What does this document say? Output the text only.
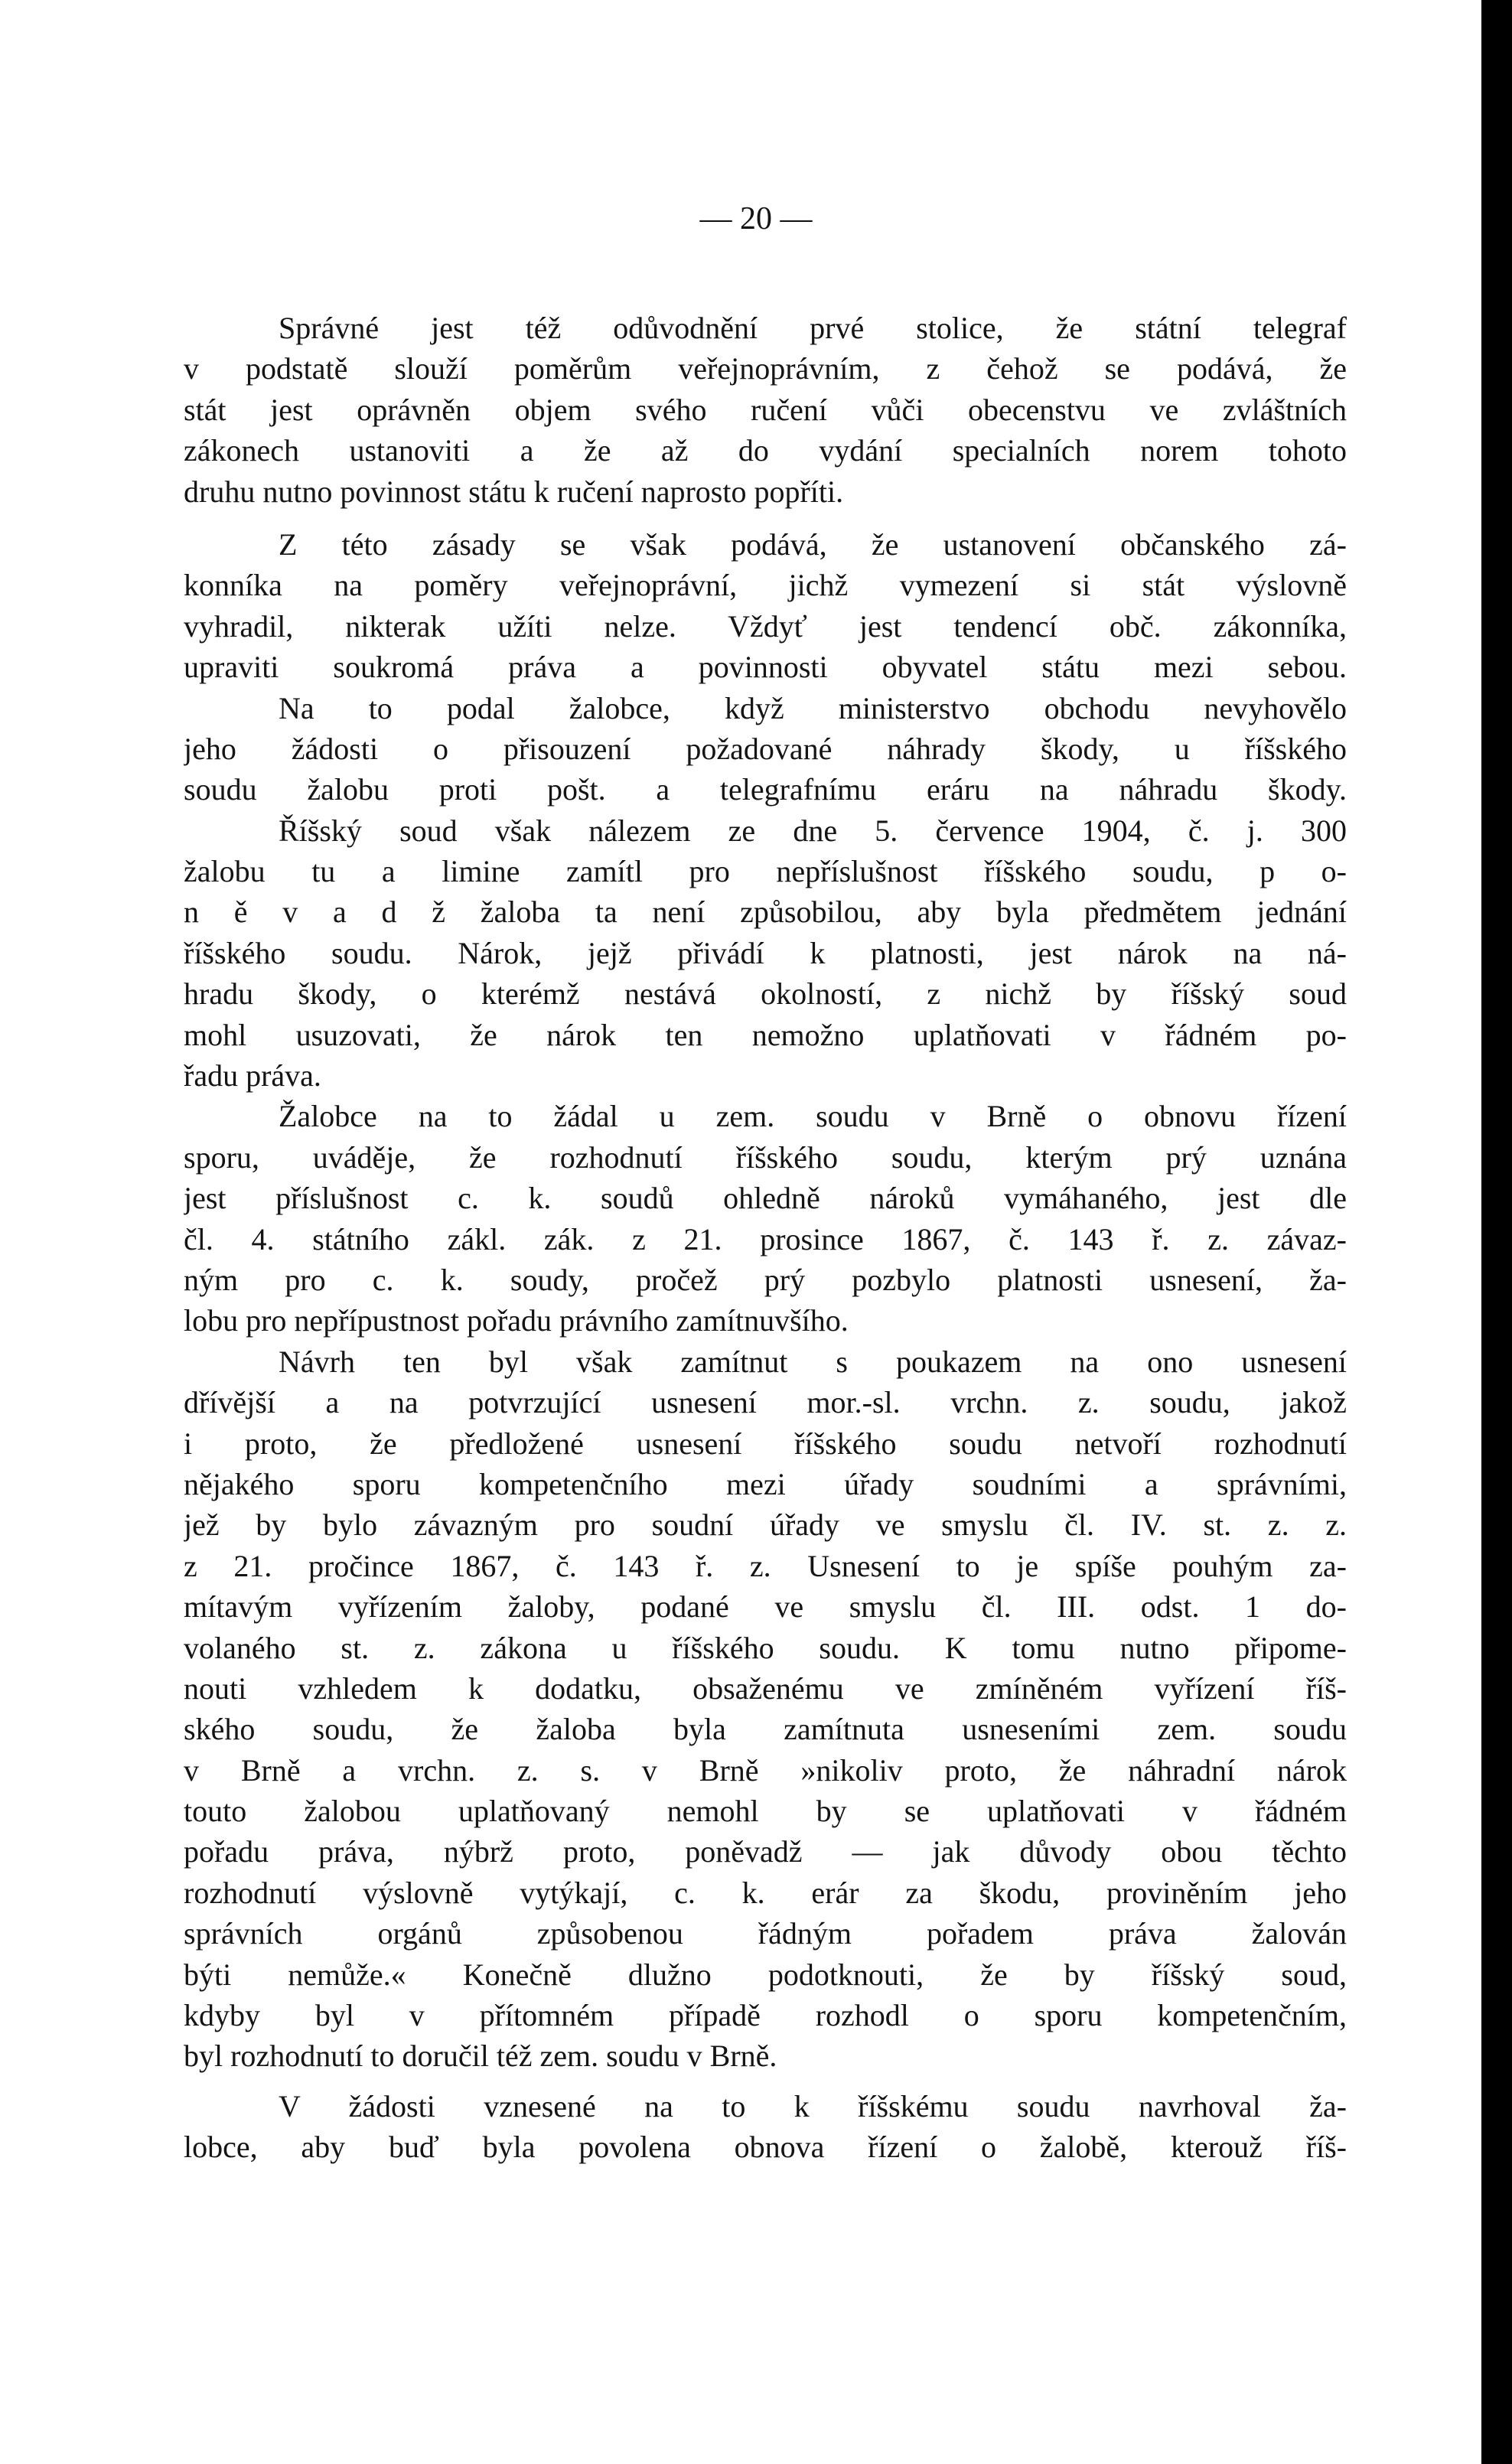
— 20 —
Správné jest též odůvodnění prvé stolice, že státní telegraf
v podstatě slouží poměrům veřejnoprávním, z čehož se podává, že
stát jest oprávněn objem svého ručení vůči obecenstvu ve zvláštních
zákonech ustanoviti a že až do vydání specialních norem tohoto
druhu nutno povinnost státu k ručení naprosto popříti.
Z této zásady se však podává, že ustanovení občanského zá-
konníka na poměry veřejnoprávní, jichž vymezení si stát výslovně
vyhradil, nikterak užíti nelze. Vždyť jest tendencí obč. zákonníka,
upraviti soukromá práva a povinnosti obyvatel státu mezi sebou.
Na to podal žalobce, když ministerstvo obchodu nevyhovělo
jeho žádosti o přisouzení požadované náhrady škody, u říšského
soudu žalobu proti pošt. a telegrafnímu eráru na náhradu škody.
Říšský soud však nálezem ze dne 5. července 1904, č. j. 300
žalobu tu a limine zamítl pro nepříslušnost říšského soudu, p o-
n ě v a d ž žaloba ta není způsobilou, aby byla předmětem jednání
říšského soudu. Nárok, jejž přivádí k platnosti, jest nárok na ná-
hradu škody, o kterémž nestává okolností, z nichž by říšský soud
mohl usuzovati, že nárok ten nemožno uplatňovati v řádném po-
řadu práva.
Žalobce na to žádal u zem. soudu v Brně o obnovu řízení
sporu, uváděje, že rozhodnutí říšského soudu, kterým prý uznána
jest příslušnost c. k. soudů ohledně nároků vymáhaného, jest dle
čl. 4. státního zákl. zák. z 21. prosince 1867, č. 143 ř. z. závaz-
ným pro c. k. soudy, pročež prý pozbylo platnosti usnesení, ža-
lobu pro nepřípustnost pořadu právního zamítnuvšího.
Návrh ten byl však zamítnut s poukazem na ono usnesení
dřívější a na potvrzující usnesení mor.-sl. vrchn. z. soudu, jakož
i proto, že předložené usnesení říšského soudu netvoří rozhodnutí
nějakého sporu kompetenčního mezi úřady soudními a správními,
jež by bylo závazným pro soudní úřady ve smyslu čl. IV. st. z. z.
z 21. pročince 1867, č. 143 ř. z. Usnesení to je spíše pouhým za-
mítavým vyřízením žaloby, podané ve smyslu čl. III. odst. 1 do-
volaného st. z. zákona u říšského soudu. K tomu nutno připome-
nouti vzhledem k dodatku, obsaženému ve zmíněném vyřízení říš-
ského soudu, že žaloba byla zamítnuta usneseními zem. soudu
v Brně a vrchn. z. s. v Brně »nikoliv proto, že náhradní nárok
touto žalobou uplatňovaný nemohl by se uplatňovati v řádném
pořadu práva, nýbrž proto, poněvadž — jak důvody obou těchto
rozhodnutí výslovně vytýkají, c. k. erár za škodu, proviněním jeho
správních orgánů způsobenou řádným pořadem práva žalován
býti nemůže.« Konečně dlužno podotknouti, že by říšský soud,
kdyby byl v přítomném případě rozhodl o sporu kompetenčním,
byl rozhodnutí to doručil též zem. soudu v Brně.
V žádosti vznesené na to k říšskému soudu navrhoval ža-
lobce, aby buď byla povolena obnova řízení o žalobě, kterouž říš-
